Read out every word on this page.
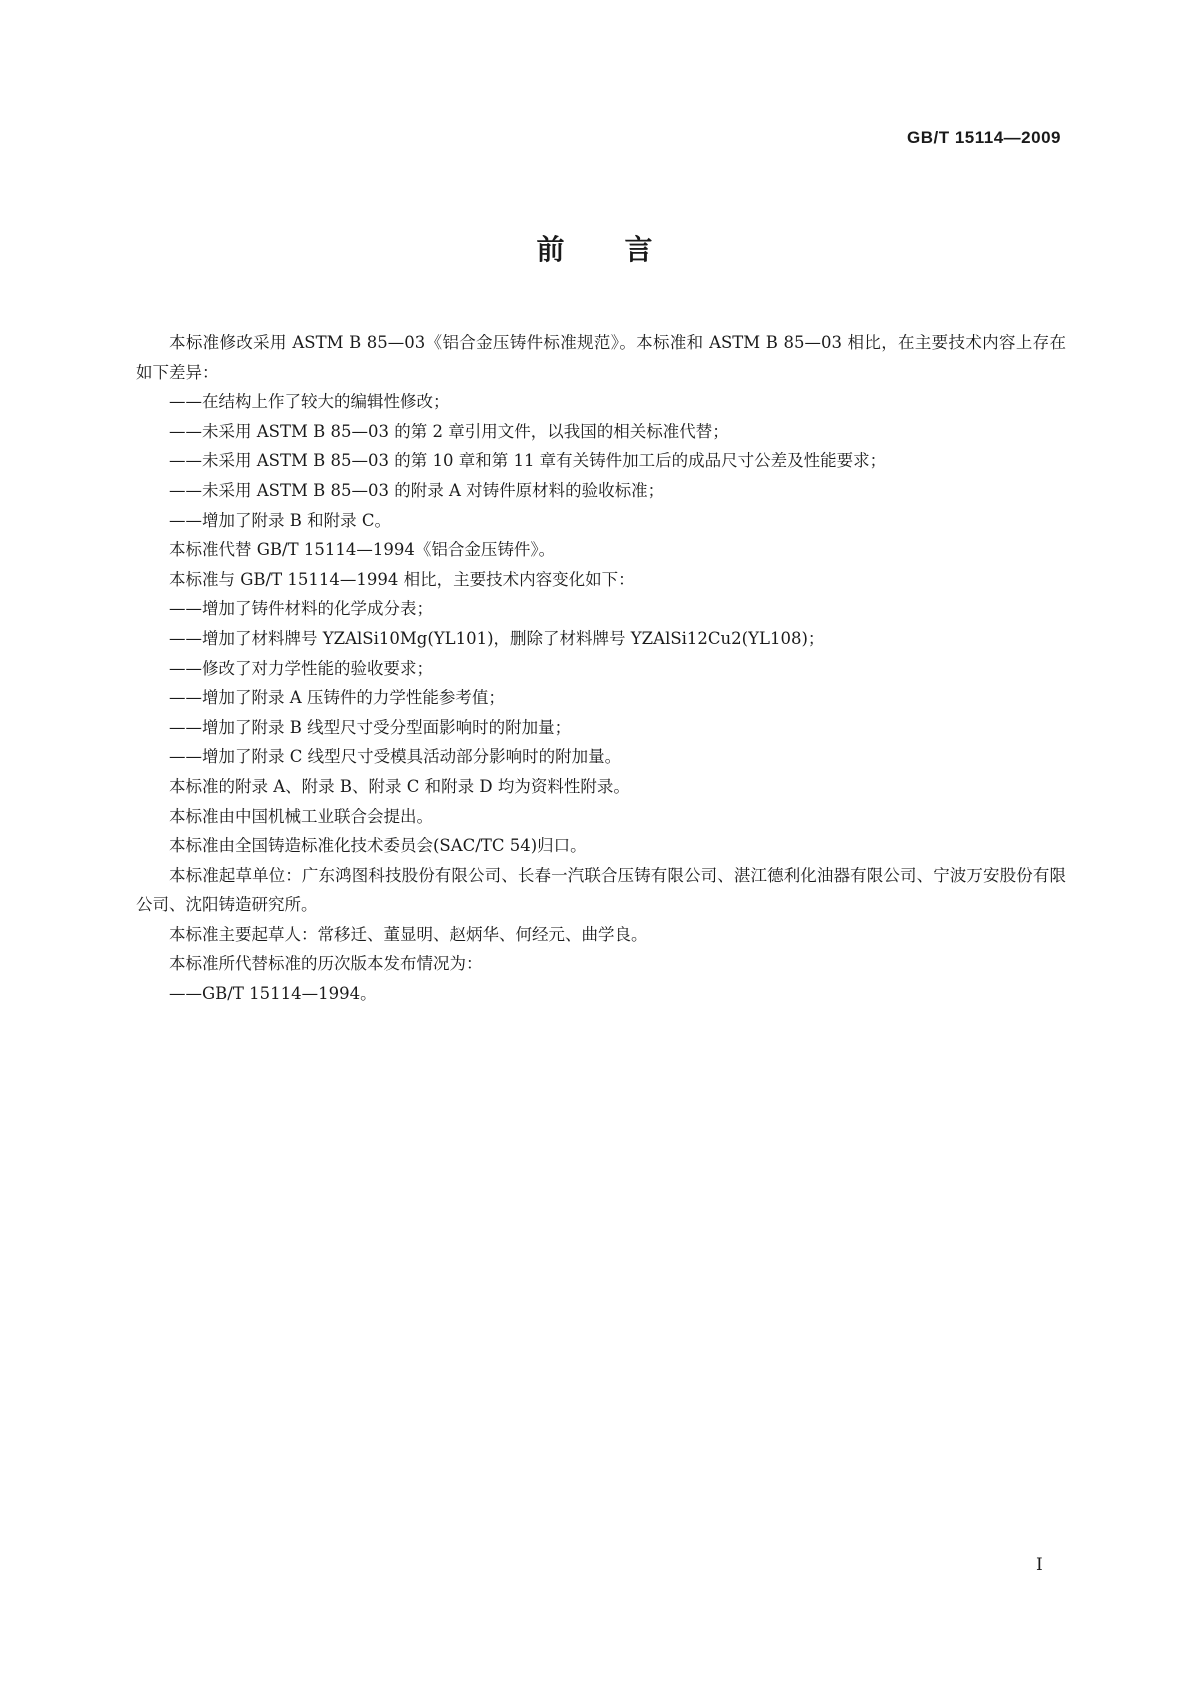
GB/T 15114—2009
前 言

本标准修改采用 ASTM B 85—03《铝合金压铸件标准规范》。本标准和 ASTM B 85—03 相比，在主要技术内容上存在如下差异：

——在结构上作了较大的编辑性修改；

——未采用 ASTM B 85—03 的第 2 章引用文件，以我国的相关标准代替；

——未采用 ASTM B 85—03 的第 10 章和第 11 章有关铸件加工后的成品尺寸公差及性能要求；

——未采用 ASTM B 85—03 的附录 A 对铸件原材料的验收标准；

——增加了附录 B 和附录 C。

本标准代替 GB/T 15114—1994《铝合金压铸件》。

本标准与 GB/T 15114—1994 相比，主要技术内容变化如下：

——增加了铸件材料的化学成分表；

——增加了材料牌号 YZAlSi10Mg(YL101)，删除了材料牌号 YZAlSi12Cu2(YL108)；

——修改了对力学性能的验收要求；

——增加了附录 A 压铸件的力学性能参考值；

——增加了附录 B 线型尺寸受分型面影响时的附加量；

——增加了附录 C 线型尺寸受模具活动部分影响时的附加量。

本标准的附录 A、附录 B、附录 C 和附录 D 均为资料性附录。

本标准由中国机械工业联合会提出。

本标准由全国铸造标准化技术委员会(SAC/TC 54)归口。

本标准起草单位：广东鸿图科技股份有限公司、长春一汽联合压铸有限公司、湛江德利化油器有限公司、宁波万安股份有限公司、沈阳铸造研究所。

本标准主要起草人：常移迁、董显明、赵炳华、何经元、曲学良。

本标准所代替标准的历次版本发布情况为：

——GB/T 15114—1994。

I
